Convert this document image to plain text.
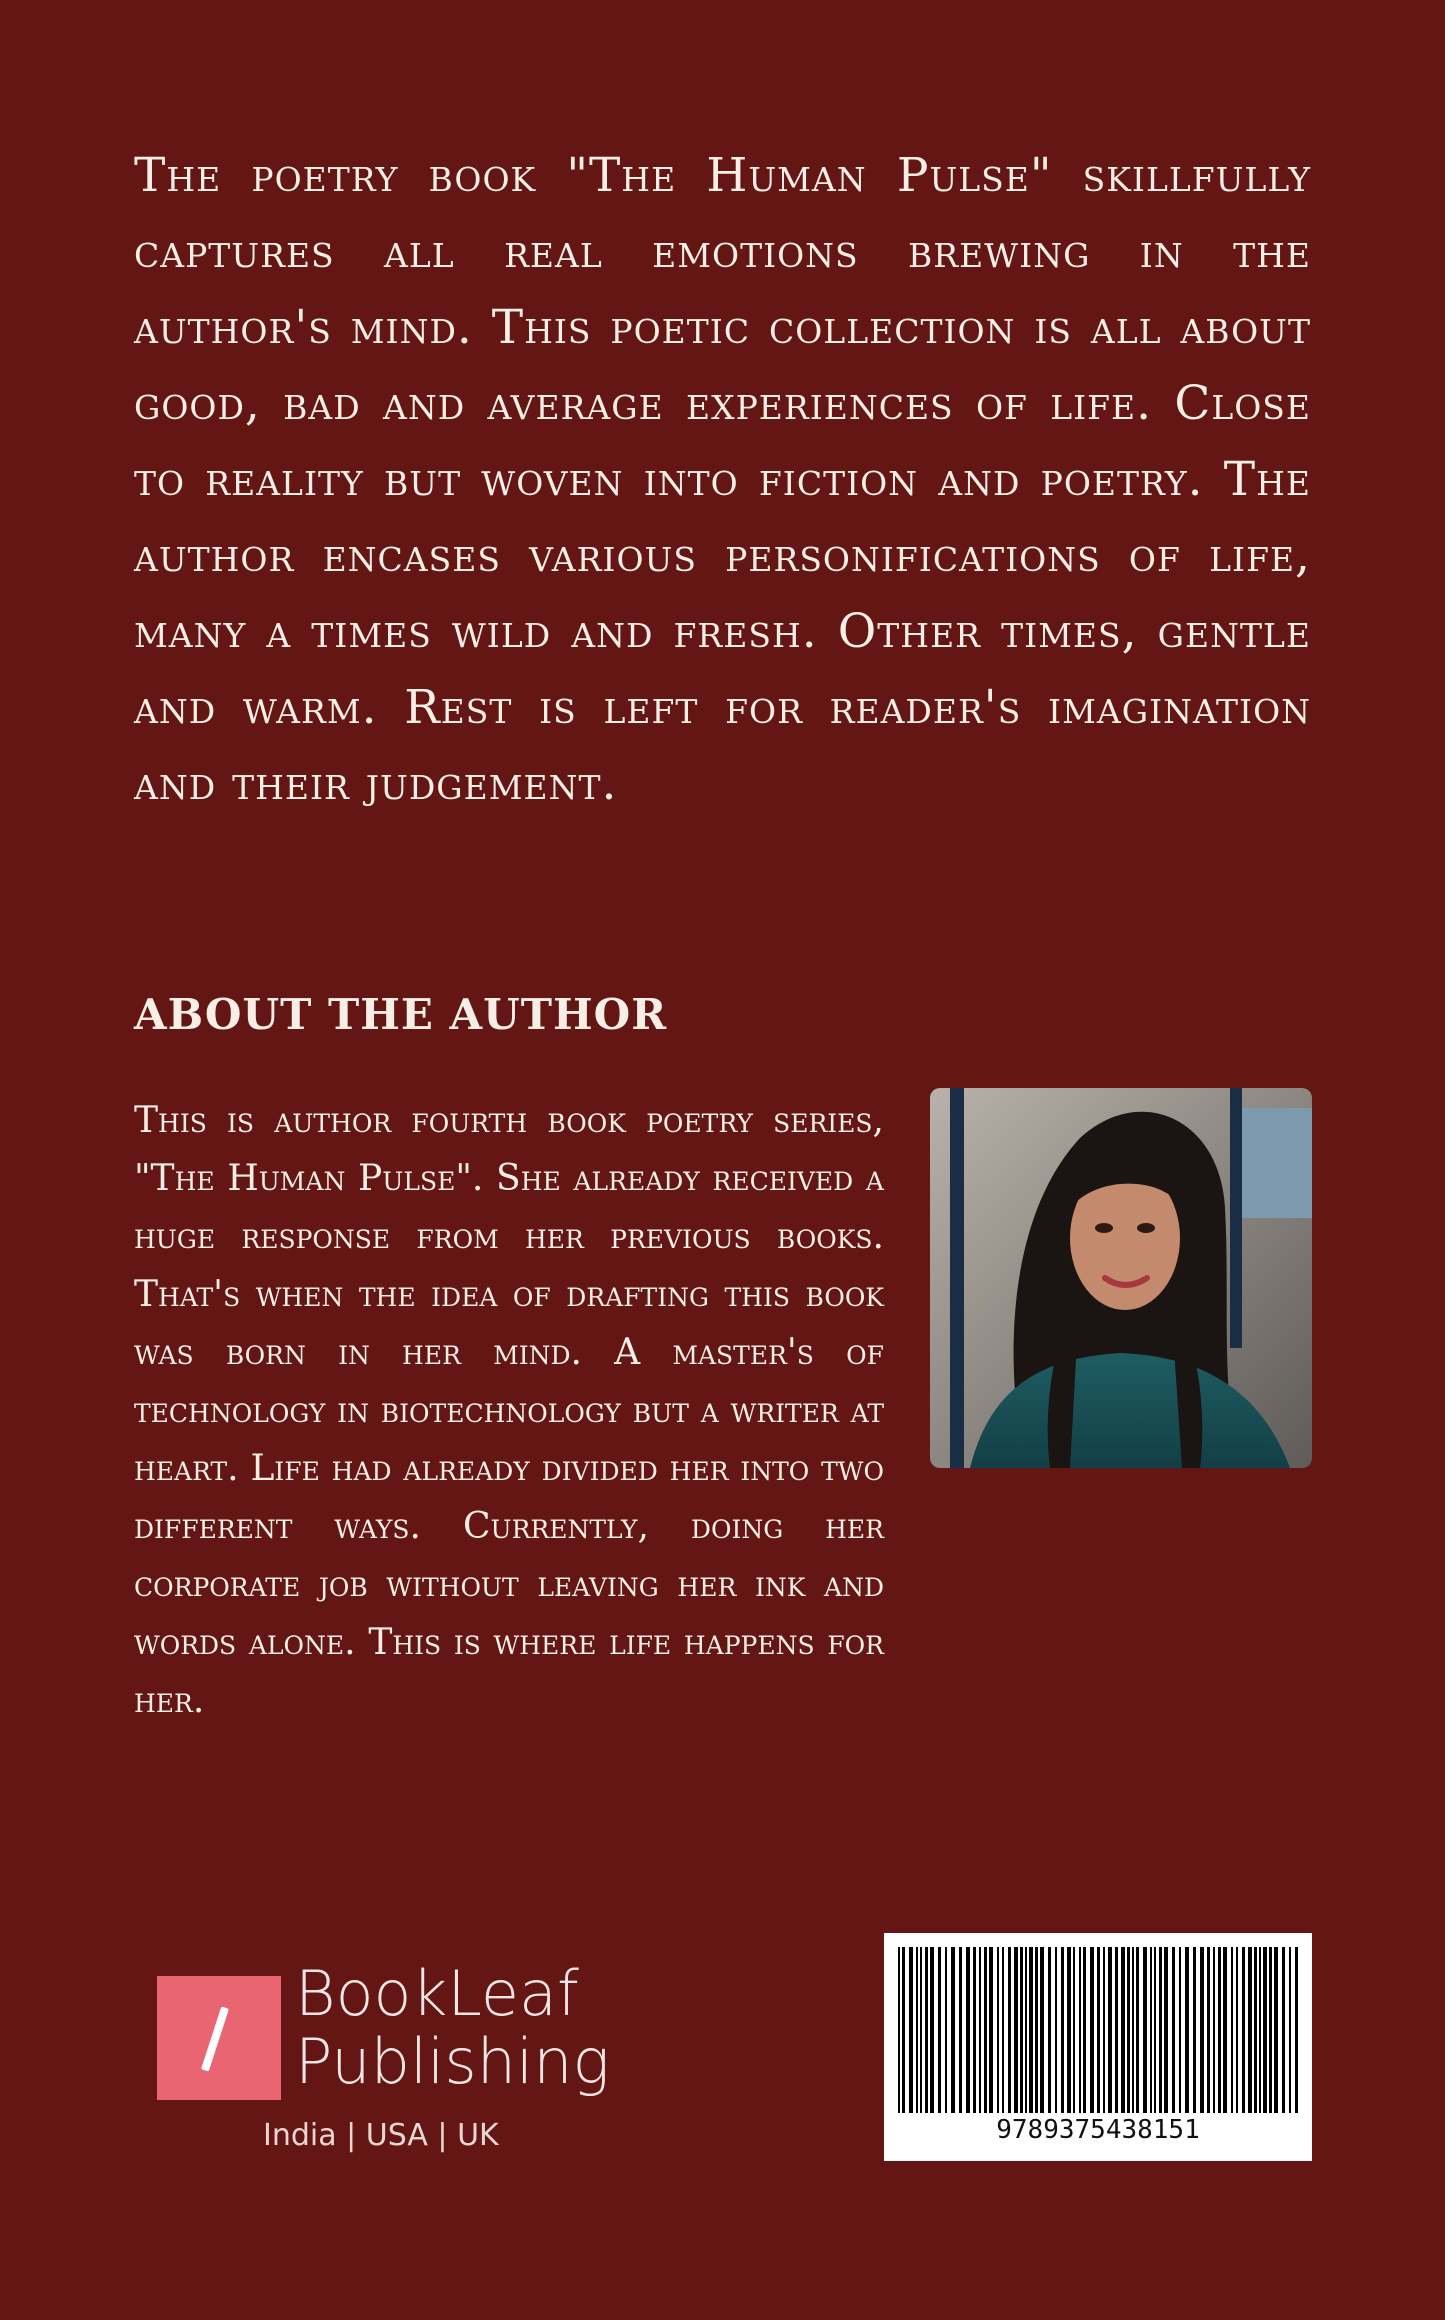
The poetry book "The Human Pulse" skillfully captures all real emotions brewing in the author's mind. This poetic collection is all about good, bad and average experiences of life. Close to reality but woven into fiction and poetry. The author encases various personifications of life, many a times wild and fresh. Other times, gentle and warm. Rest is left for reader's imagination and their judgement.

ABOUT THE AUTHOR

This is author fourth book poetry series, "The Human Pulse". She already received a huge response from her previous books. That's when the idea of drafting this book was born in her mind. A master's of technology in biotechnology but a writer at heart. Life had already divided her into two different ways. Currently, doing her corporate job without leaving her ink and words alone. This is where life happens for her.

BookLeaf
Publishing
India | USA | UK	9789375438151
